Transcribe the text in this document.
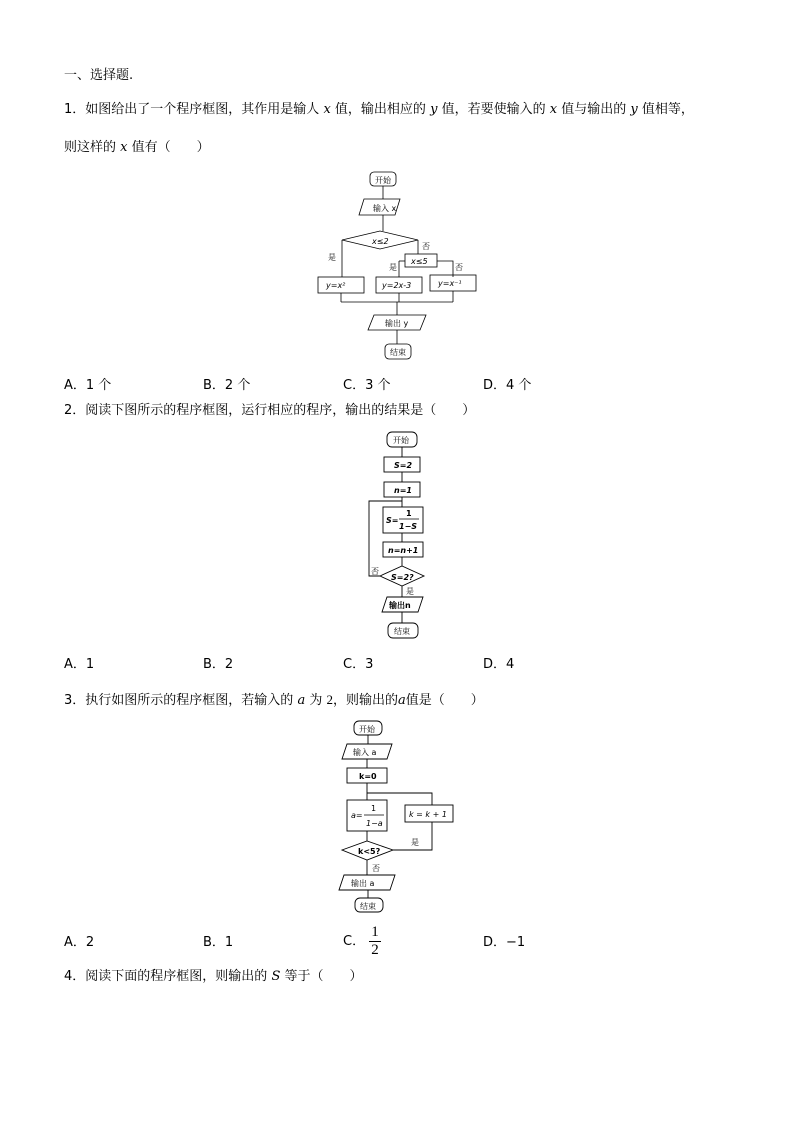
一、选择题.
1．如图给出了一个程序框图，其作用是输人 x 值，输出相应的 y 值，若要使输入的 x 值与输出的 y 值相等，
则这样的 x 值有（　　）
开始
输入 x
x≤2
否
x≤5
是
是	否
y=x²	y=2x-3	y=x⁻¹
输出 y
结束
A．1 个	B．2 个	C．3 个	D．4 个
2．阅读下图所示的程序框图，运行相应的程序，输出的结果是（　　）
开始
S=2
n=1
S=
1
1−S
n=n+1
S=2?
否
是
输出n
结束
A．1	B．2	C．3	D．4
3．执行如图所示的程序框图，若输入的 a 为 2，则输出的a值是（　　）
开始
输入 a
k=0
a=
1
1−a
k = k + 1
k<5?
是
否
输出 a
结束
A．2	B．1	C． $\frac{1}{2}$	D．−1
4．阅读下面的程序框图，则输出的 S 等于（　　）
